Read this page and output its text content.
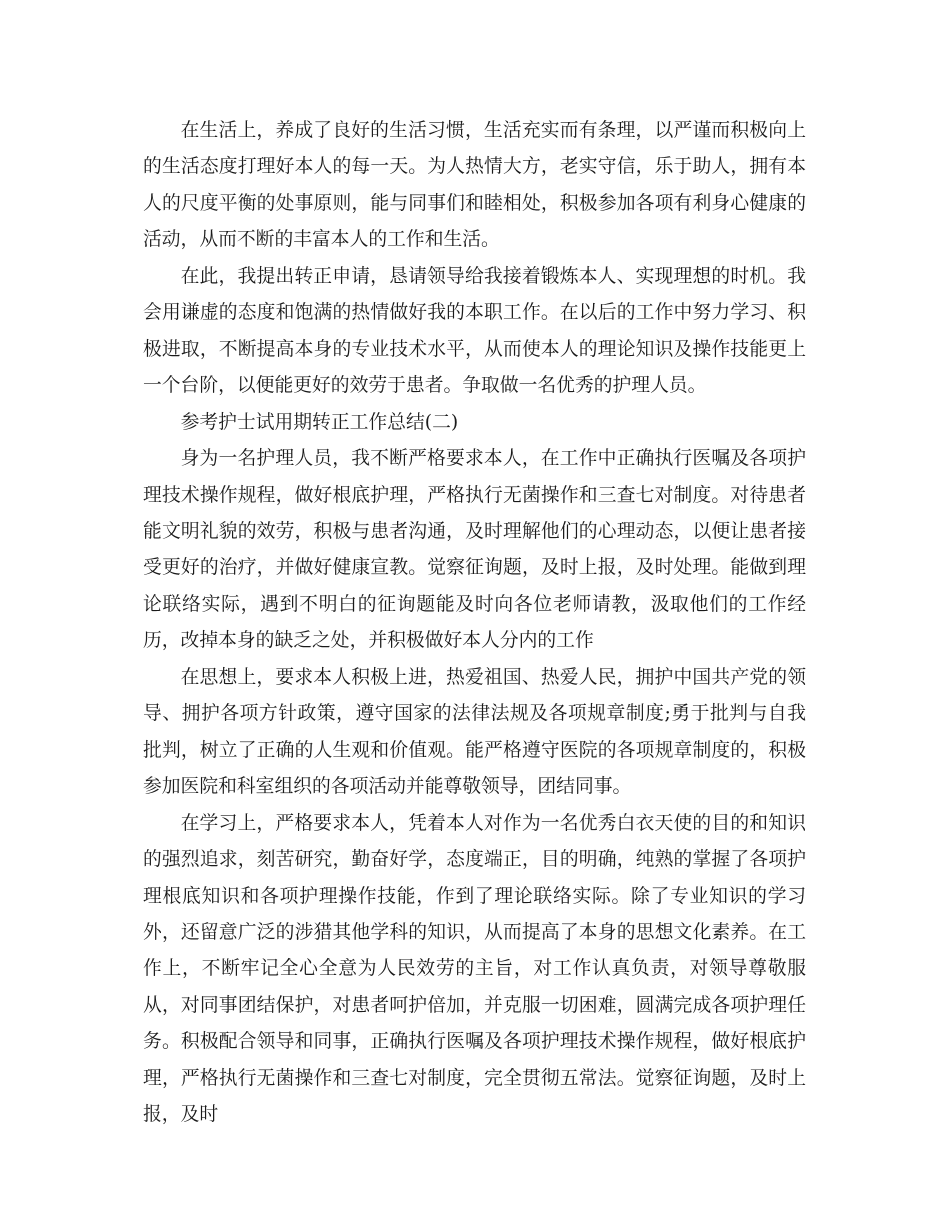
在生活上，养成了良好的生活习惯，生活充实而有条理，以严谨而积极向上的生活态度打理好本人的每一天。为人热情大方，老实守信，乐于助人，拥有本人的尺度平衡的处事原则，能与同事们和睦相处，积极参加各项有利身心健康的活动，从而不断的丰富本人的工作和生活。

在此，我提出转正申请，恳请领导给我接着锻炼本人、实现理想的时机。我会用谦虚的态度和饱满的热情做好我的本职工作。在以后的工作中努力学习、积极进取，不断提高本身的专业技术水平，从而使本人的理论知识及操作技能更上一个台阶，以便能更好的效劳于患者。争取做一名优秀的护理人员。

参考护士试用期转正工作总结(二)

身为一名护理人员，我不断严格要求本人，在工作中正确执行医嘱及各项护理技术操作规程，做好根底护理，严格执行无菌操作和三查七对制度。对待患者能文明礼貌的效劳，积极与患者沟通，及时理解他们的心理动态，以便让患者接受更好的治疗，并做好健康宣教。觉察征询题，及时上报，及时处理。能做到理论联络实际，遇到不明白的征询题能及时向各位老师请教，汲取他们的工作经历，改掉本身的缺乏之处，并积极做好本人分内的工作

在思想上，要求本人积极上进，热爱祖国、热爱人民，拥护中国共产党的领导、拥护各项方针政策，遵守国家的法律法规及各项规章制度;勇于批判与自我批判，树立了正确的人生观和价值观。能严格遵守医院的各项规章制度的，积极参加医院和科室组织的各项活动并能尊敬领导，团结同事。

在学习上，严格要求本人，凭着本人对作为一名优秀白衣天使的目的和知识的强烈追求，刻苦研究，勤奋好学，态度端正，目的明确，纯熟的掌握了各项护理根底知识和各项护理操作技能，作到了理论联络实际。除了专业知识的学习外，还留意广泛的涉猎其他学科的知识，从而提高了本身的思想文化素养。在工作上，不断牢记全心全意为人民效劳的主旨，对工作认真负责，对领导尊敬服从，对同事团结保护，对患者呵护倍加，并克服一切困难，圆满完成各项护理任务。积极配合领导和同事，正确执行医嘱及各项护理技术操作规程，做好根底护理，严格执行无菌操作和三查七对制度，完全贯彻五常法。觉察征询题，及时上报，及时
